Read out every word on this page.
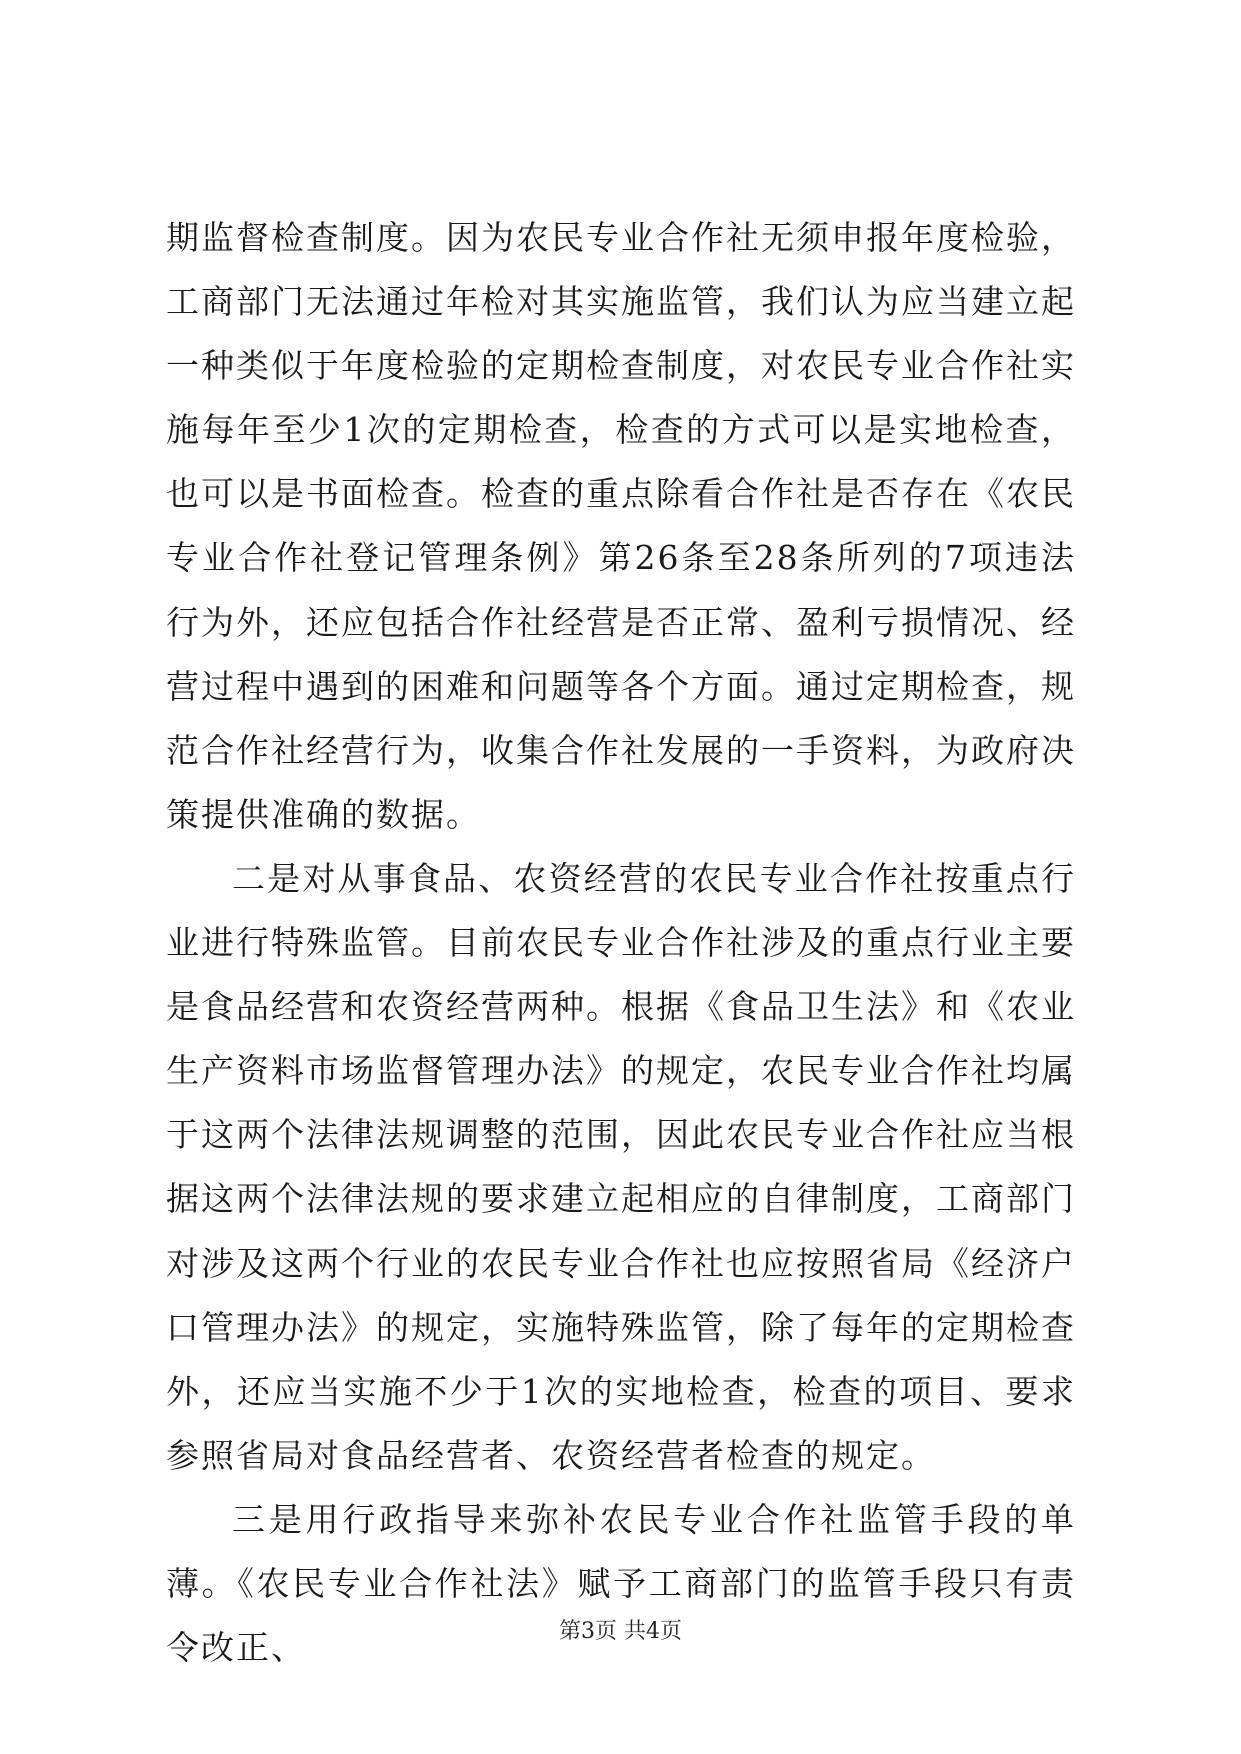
期监督检查制度。因为农民专业合作社无须申报年度检验，工商部门无法通过年检对其实施监管，我们认为应当建立起一种类似于年度检验的定期检查制度，对农民专业合作社实施每年至少1次的定期检查，检查的方式可以是实地检查，也可以是书面检查。检查的重点除看合作社是否存在《农民专业合作社登记管理条例》第26条至28条所列的7项违法行为外，还应包括合作社经营是否正常、盈利亏损情况、经营过程中遇到的困难和问题等各个方面。通过定期检查，规范合作社经营行为，收集合作社发展的一手资料，为政府决策提供准确的数据。

二是对从事食品、农资经营的农民专业合作社按重点行业进行特殊监管。目前农民专业合作社涉及的重点行业主要是食品经营和农资经营两种。根据《食品卫生法》和《农业生产资料市场监督管理办法》的规定，农民专业合作社均属于这两个法律法规调整的范围，因此农民专业合作社应当根据这两个法律法规的要求建立起相应的自律制度，工商部门对涉及这两个行业的农民专业合作社也应按照省局《经济户口管理办法》的规定，实施特殊监管，除了每年的定期检查外，还应当实施不少于1次的实地检查，检查的项目、要求参照省局对食品经营者、农资经营者检查的规定。

三是用行政指导来弥补农民专业合作社监管手段的单薄。《农民专业合作社法》赋予工商部门的监管手段只有责令改正、	第3页 共4页
